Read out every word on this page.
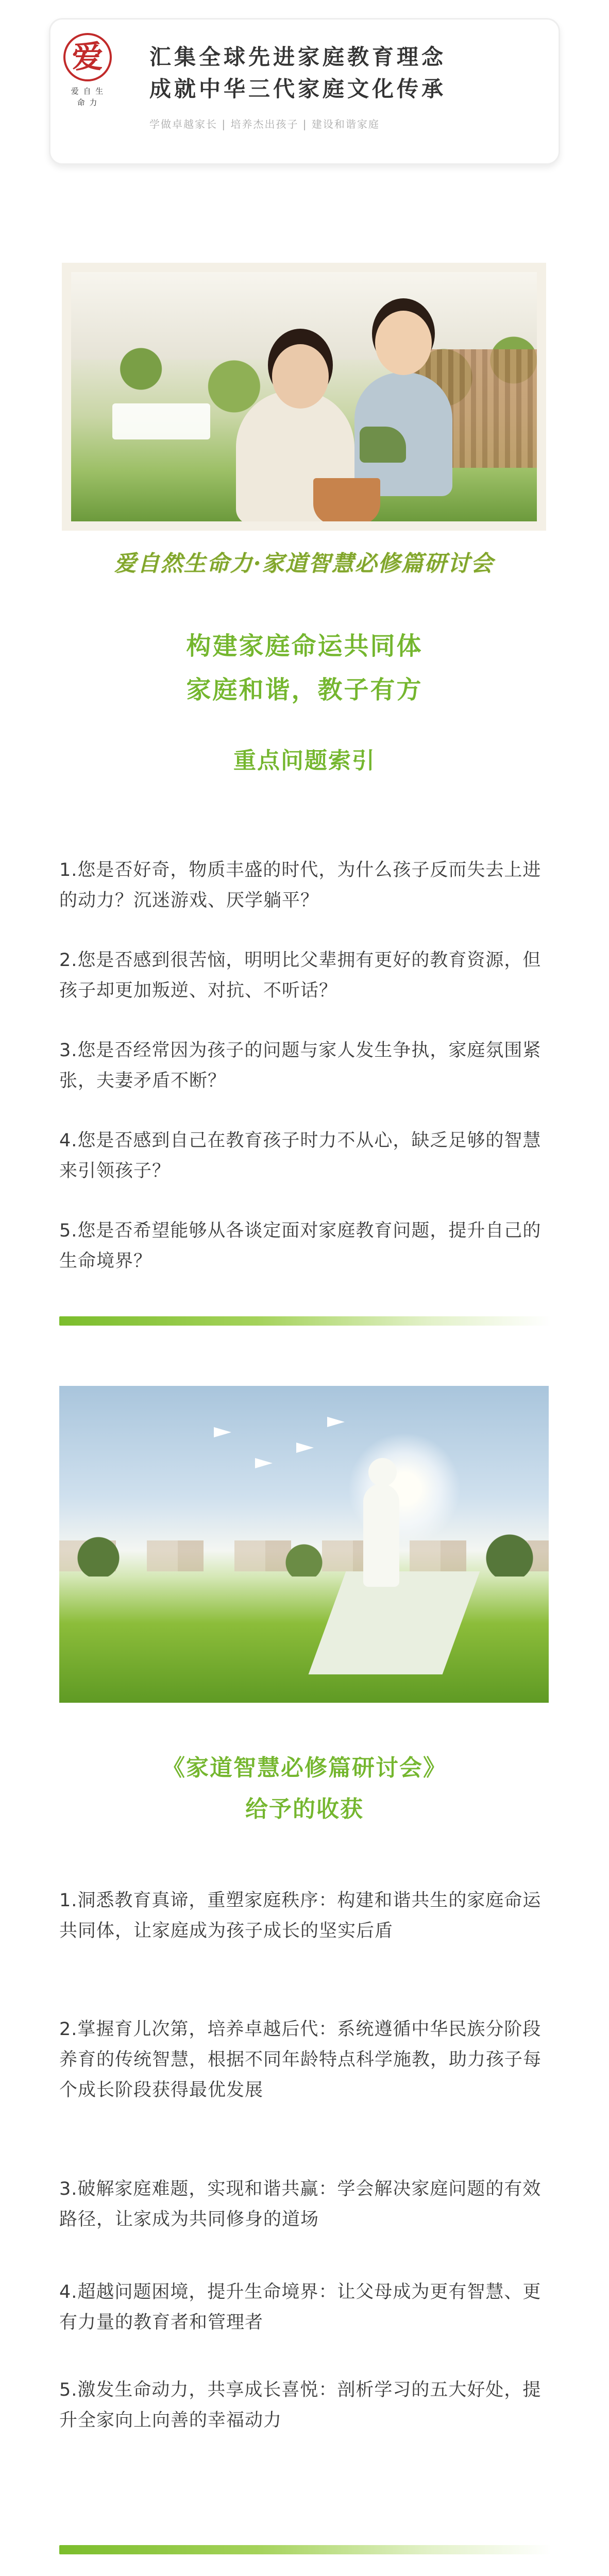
爱
爱 自 生
命 力
汇集全球先进家庭教育理念
成就中华三代家庭文化传承
学做卓越家长 | 培养杰出孩子 | 建设和谐家庭
爱自然生命力·家道智慧必修篇研讨会
构建家庭命运共同体
家庭和谐，教子有方
重点问题索引
1.您是否好奇，物质丰盛的时代，为什么孩子反而失去上进的动力？沉迷游戏、厌学躺平？
2.您是否感到很苦恼，明明比父辈拥有更好的教育资源，但孩子却更加叛逆、对抗、不听话？
3.您是否经常因为孩子的问题与家人发生争执，家庭氛围紧张，夫妻矛盾不断？
4.您是否感到自己在教育孩子时力不从心，缺乏足够的智慧来引领孩子？
5.您是否希望能够从各谈定面对家庭教育问题，提升自己的生命境界？
《家道智慧必修篇研讨会》
给予的收获
1.洞悉教育真谛，重塑家庭秩序：构建和谐共生的家庭命运共同体，让家庭成为孩子成长的坚实后盾
2.掌握育儿次第，培养卓越后代：系统遵循中华民族分阶段养育的传统智慧，根据不同年龄特点科学施教，助力孩子每个成长阶段获得最优发展
3.破解家庭难题，实现和谐共赢：学会解决家庭问题的有效路径，让家成为共同修身的道场
4.超越问题困境，提升生命境界：让父母成为更有智慧、更有力量的教育者和管理者
5.激发生命动力，共享成长喜悦：剖析学习的五大好处，提升全家向上向善的幸福动力
